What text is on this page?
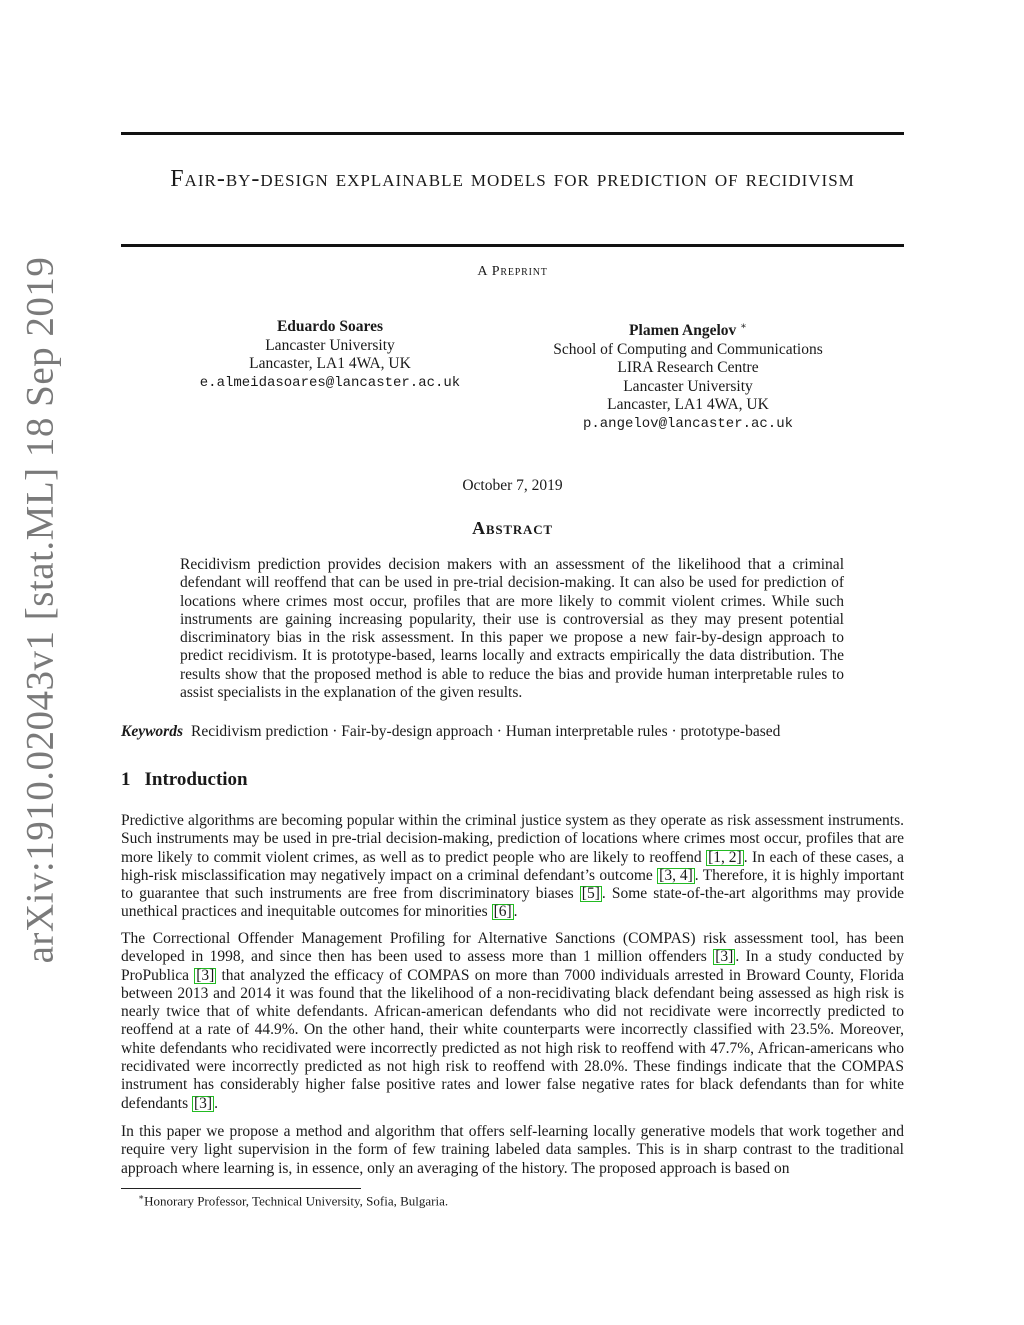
arXiv:1910.02043v1 [stat.ML] 18 Sep 2019
Fair-by-design explainable models for prediction of recidivism
A Preprint
Eduardo Soares
Lancaster University
Lancaster, LA1 4WA, UK
e.almeidasoares@lancaster.ac.uk
Plamen Angelov ∗
School of Computing and Communications
LIRA Research Centre
Lancaster University
Lancaster, LA1 4WA, UK
p.angelov@lancaster.ac.uk
October 7, 2019
Abstract
Recidivism prediction provides decision makers with an assessment of the likelihood that a criminal defendant will reoffend that can be used in pre-trial decision-making. It can also be used for prediction of locations where crimes most occur, profiles that are more likely to commit violent crimes. While such instruments are gaining increasing popularity, their use is controversial as they may present potential discriminatory bias in the risk assessment. In this paper we propose a new fair-by-design approach to predict recidivism. It is prototype-based, learns locally and extracts empirically the data distribution. The results show that the proposed method is able to reduce the bias and provide human interpretable rules to assist specialists in the explanation of the given results.
Keywords Recidivism prediction · Fair-by-design approach · Human interpretable rules · prototype-based
1 Introduction

Predictive algorithms are becoming popular within the criminal justice system as they operate as risk assessment instruments. Such instruments may be used in pre-trial decision-making, prediction of locations where crimes most occur, profiles that are more likely to commit violent crimes, as well as to predict people who are likely to reoffend [1, 2] . In each of these cases, a high-risk misclassification may negatively impact on a criminal defendant’s outcome [3, 4] . Therefore, it is highly important to guarantee that such instruments are free from discriminatory biases [5] . Some state-of-the-art algorithms may provide unethical practices and inequitable outcomes for minorities [6] .

The Correctional Offender Management Profiling for Alternative Sanctions (COMPAS) risk assessment tool, has been developed in 1998, and since then has been used to assess more than 1 million offenders [3] . In a study conducted by ProPublica [3] that analyzed the efficacy of COMPAS on more than 7000 individuals arrested in Broward County, Florida between 2013 and 2014 it was found that the likelihood of a non-recidivating black defendant being assessed as high risk is nearly twice that of white defendants. African-american defendants who did not recidivate were incorrectly predicted to reoffend at a rate of 44.9%. On the other hand, their white counterparts were incorrectly classified with 23.5%. Moreover, white defendants who recidivated were incorrectly predicted as not high risk to reoffend with 47.7%, African-americans who recidivated were incorrectly predicted as not high risk to reoffend with 28.0%. These findings indicate that the COMPAS instrument has considerably higher false positive rates and lower false negative rates for black defendants than for white defendants [3] .

In this paper we propose a method and algorithm that offers self-learning locally generative models that work together and require very light supervision in the form of few training labeled data samples. This is in sharp contrast to the traditional approach where learning is, in essence, only an averaging of the history. The proposed approach is based on

∗Honorary Professor, Technical University, Sofia, Bulgaria.
